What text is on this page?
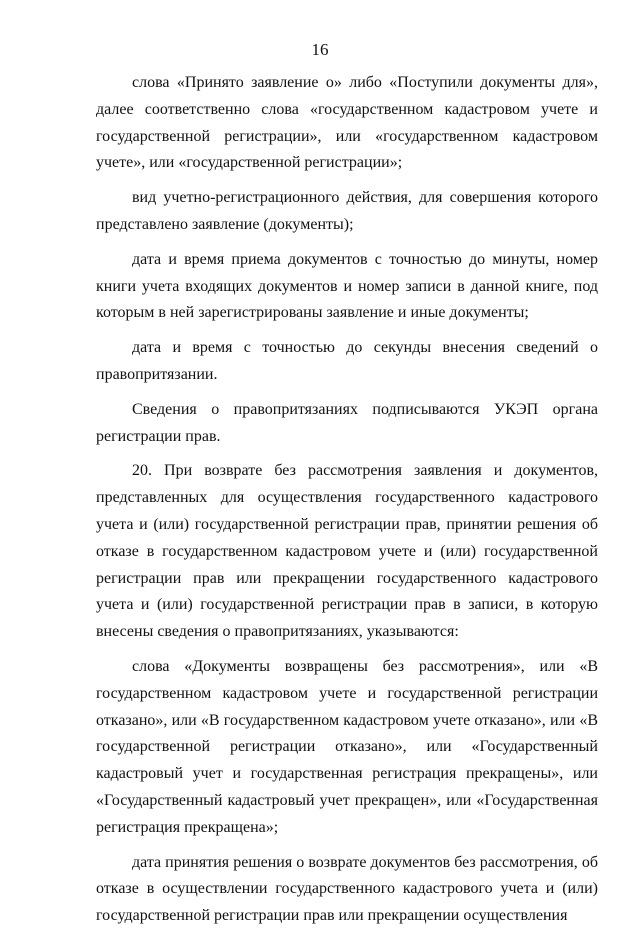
16

слова «Принято заявление о» либо «Поступили документы для», далее соответственно слова «государственном кадастровом учете и государственной регистрации», или «государственном кадастровом учете», или «государственной регистрации»;

вид учетно-регистрационного действия, для совершения которого представлено заявление (документы);

дата и время приема документов с точностью до минуты, номер книги учета входящих документов и номер записи в данной книге, под которым в ней зарегистрированы заявление и иные документы;

дата и время с точностью до секунды внесения сведений о правопритязании.

Сведения о правопритязаниях подписываются УКЭП органа регистрации прав.

20. При возврате без рассмотрения заявления и документов, представленных для осуществления государственного кадастрового учета и (или) государственной регистрации прав, принятии решения об отказе в государственном кадастровом учете и (или) государственной регистрации прав или прекращении государственного кадастрового учета и (или) государственной регистрации прав в записи, в которую внесены сведения о правопритязаниях, указываются:

слова «Документы возвращены без рассмотрения», или «В государственном кадастровом учете и государственной регистрации отказано», или «В государственном кадастровом учете отказано», или «В государственной регистрации отказано», или «Государственный кадастровый учет и государственная регистрация прекращены», или «Государственный кадастровый учет прекращен», или «Государственная регистрация прекращена»;

дата принятия решения о возврате документов без рассмотрения, об отказе в осуществлении государственного кадастрового учета и (или) государственной регистрации прав или прекращении осуществления
